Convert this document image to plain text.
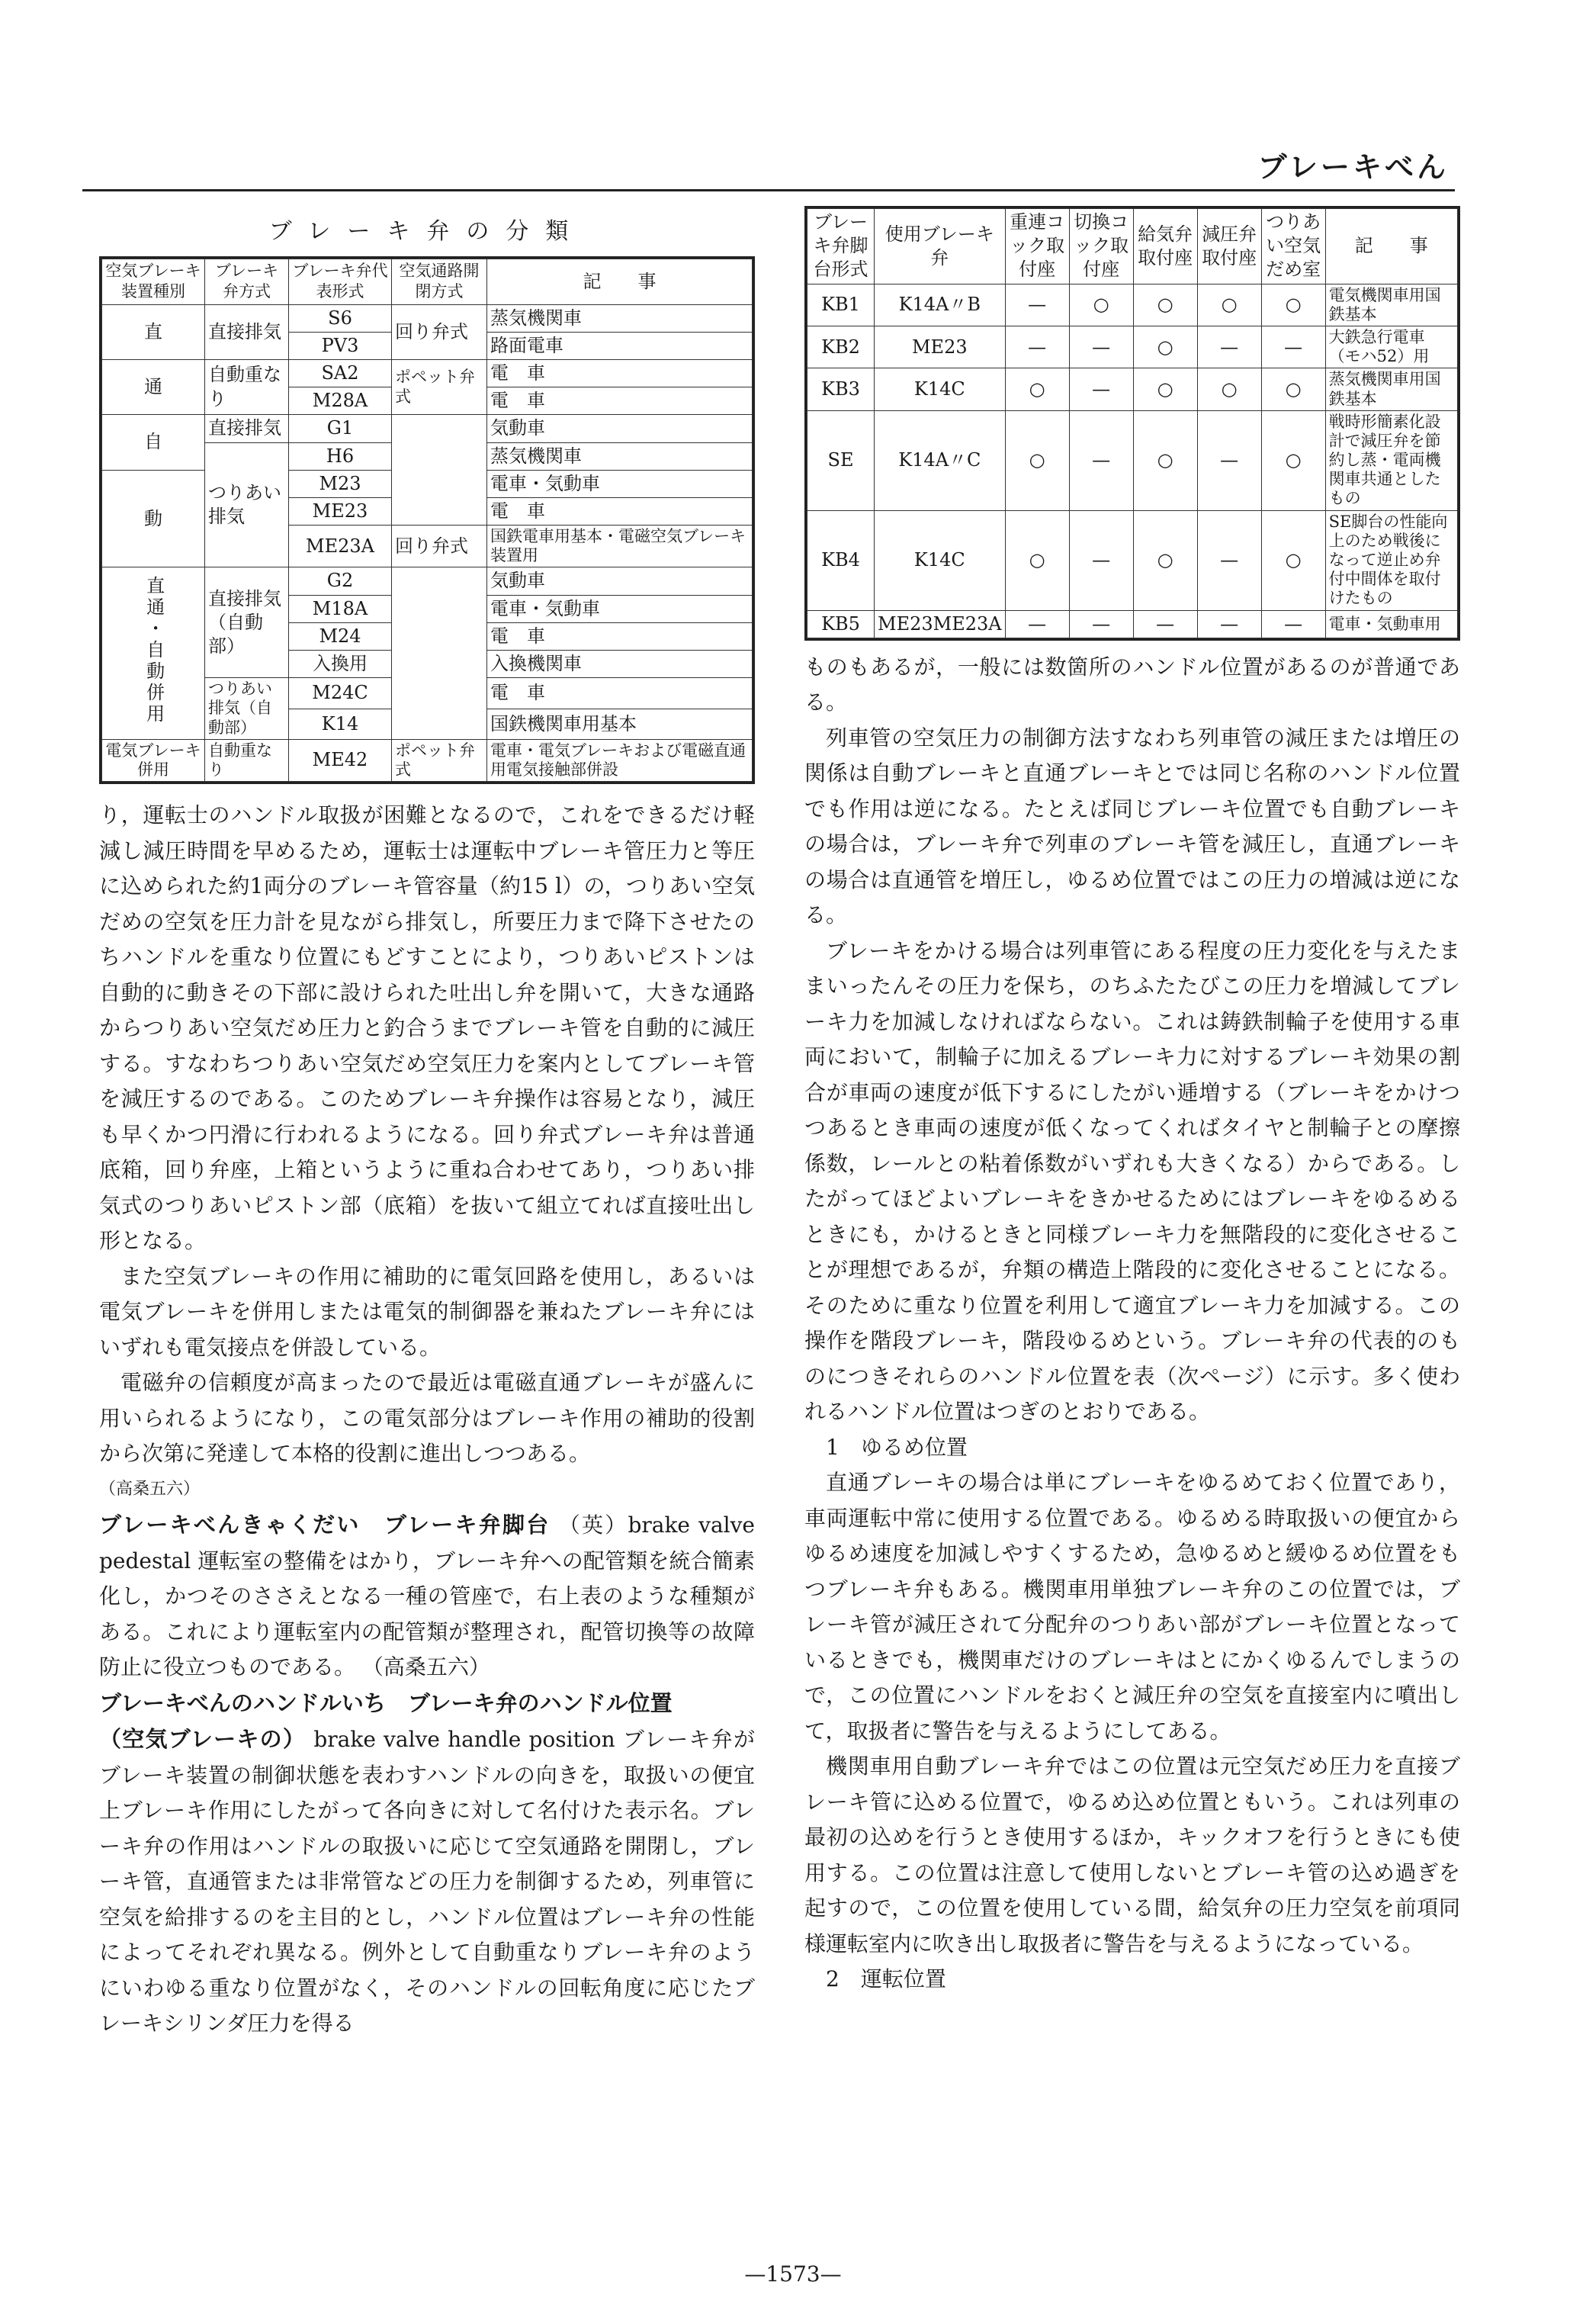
ブレーキべん
ブレーキ弁の分類
空気ブレーキ装置種別	ブレーキ弁方式	ブレーキ弁代表形式	空気通路開閉方式	記　　事
直	直接排気	S6	回り弁式	蒸気機関車
		PV3		路面電車
通	自動重なり	SA2	ポペット弁式	電　車
		M28A		電　車
自	直接排気	G1		気動車
	つりあい排気	H6		蒸気機関車
動		M23		電車・気動車
		ME23		電　車
		ME23A	回り弁式	国鉄電車用基本・電磁空気ブレーキ装置用
直通・自動併用	直接排気（自動部）	G2		気動車
		M18A		電車・気動車
		M24		電　車
		入換用		入換機関車
	つりあい排気（自動部）	M24C		電　車
		K14		国鉄機関車用基本
電気ブレーキ併用	自動重なり	ME42	ポペット弁式	電車・電気ブレーキおよび電磁直通用電気接触部併設

り，運転士のハンドル取扱が困難となるので，これをできるだけ軽減し減圧時間を早めるため，運転士は運転中ブレーキ管圧力と等圧に込められた約1両分のブレーキ管容量（約15 l）の，つりあい空気だめの空気を圧力計を見ながら排気し，所要圧力まで降下させたのちハンドルを重なり位置にもどすことにより，つりあいピストンは自動的に動きその下部に設けられた吐出し弁を開いて，大きな通路からつりあい空気だめ圧力と釣合うまでブレーキ管を自動的に減圧する。すなわちつりあい空気だめ空気圧力を案内としてブレーキ管を減圧するのである。このためブレーキ弁操作は容易となり，減圧も早くかつ円滑に行われるようになる。回り弁式ブレーキ弁は普通底箱，回り弁座，上箱というように重ね合わせてあり，つりあい排気式のつりあいピストン部（底箱）を抜いて組立てれば直接吐出し形となる。

また空気ブレーキの作用に補助的に電気回路を使用し，あるいは電気ブレーキを併用しまたは電気的制御器を兼ねたブレーキ弁にはいずれも電気接点を併設している。

電磁弁の信頼度が高まったので最近は電磁直通ブレーキが盛んに用いられるようになり，この電気部分はブレーキ作用の補助的役割から次第に発達して本格的役割に進出しつつある。

（高桑五六）

ブレーキべんきゃくだい　ブレーキ弁脚台 （英）brake valve pedestal 運転室の整備をはかり，ブレーキ弁への配管類を統合簡素化し，かつそのささえとなる一種の管座で，右上表のような種類がある。これにより運転室内の配管類が整理され，配管切換等の故障防止に役立つものである。 （高桑五六）

ブレーキべんのハンドルいち　ブレーキ弁のハンドル位置
（空気ブレーキの） brake valve handle position ブレーキ弁がブレーキ装置の制御状態を表わすハンドルの向きを，取扱いの便宜上ブレーキ作用にしたがって各向きに対して名付けた表示名。ブレーキ弁の作用はハンドルの取扱いに応じて空気通路を開閉し，ブレーキ管，直通管または非常管などの圧力を制御するため，列車管に空気を給排するのを主目的とし，ハンドル位置はブレーキ弁の性能によってそれぞれ異なる。例外として自動重なりブレーキ弁のようにいわゆる重なり位置がなく，そのハンドルの回転角度に応じたブレーキシリンダ圧力を得る

ブレーキ弁脚台形式	使用ブレーキ弁	重連コック取付座	切換コック取付座	給気弁取付座	減圧弁取付座	つりあい空気だめ室	記　　事
KB1	K14A〃B	—	○	○	○	○	電気機関車用国鉄基本
KB2	ME23	—	—	○	—	—	大鉄急行電車（モハ52）用
KB3	K14C	○	—	○	○	○	蒸気機関車用国鉄基本
SE	K14A〃C	○	—	○	—	○	戦時形簡素化設計で減圧弁を節約し蒸・電両機関車共通としたもの
KB4	K14C	○	—	○	—	○	SE脚台の性能向上のため戦後になって逆止め弁付中間体を取付けたもの
KB5	ME23ME23A	—	—	—	—	—	電車・気動車用

ものもあるが，一般には数箇所のハンドル位置があるのが普通である。

列車管の空気圧力の制御方法すなわち列車管の減圧または増圧の関係は自動ブレーキと直通ブレーキとでは同じ名称のハンドル位置でも作用は逆になる。たとえば同じブレーキ位置でも自動ブレーキの場合は，ブレーキ弁で列車のブレーキ管を減圧し，直通ブレーキの場合は直通管を増圧し，ゆるめ位置ではこの圧力の増減は逆になる。

ブレーキをかける場合は列車管にある程度の圧力変化を与えたままいったんその圧力を保ち，のちふたたびこの圧力を増減してブレーキ力を加減しなければならない。これは鋳鉄制輪子を使用する車両において，制輪子に加えるブレーキ力に対するブレーキ効果の割合が車両の速度が低下するにしたがい逓増する（ブレーキをかけつつあるとき車両の速度が低くなってくればタイヤと制輪子との摩擦係数，レールとの粘着係数がいずれも大きくなる）からである。したがってほどよいブレーキをきかせるためにはブレーキをゆるめるときにも，かけるときと同様ブレーキ力を無階段的に変化させることが理想であるが，弁類の構造上階段的に変化させることになる。そのために重なり位置を利用して適宜ブレーキ力を加減する。この操作を階段ブレーキ，階段ゆるめという。ブレーキ弁の代表的のものにつきそれらのハンドル位置を表（次ページ）に示す。多く使われるハンドル位置はつぎのとおりである。

1　ゆるめ位置

直通ブレーキの場合は単にブレーキをゆるめておく位置であり，車両運転中常に使用する位置である。ゆるめる時取扱いの便宜からゆるめ速度を加減しやすくするため，急ゆるめと緩ゆるめ位置をもつブレーキ弁もある。機関車用単独ブレーキ弁のこの位置では，ブレーキ管が減圧されて分配弁のつりあい部がブレーキ位置となっているときでも，機関車だけのブレーキはとにかくゆるんでしまうので，この位置にハンドルをおくと減圧弁の空気を直接室内に噴出して，取扱者に警告を与えるようにしてある。

機関車用自動ブレーキ弁ではこの位置は元空気だめ圧力を直接ブレーキ管に込める位置で，ゆるめ込め位置ともいう。これは列車の最初の込めを行うとき使用するほか，キックオフを行うときにも使用する。この位置は注意して使用しないとブレーキ管の込め過ぎを起すので，この位置を使用している間，給気弁の圧力空気を前項同様運転室内に吹き出し取扱者に警告を与えるようになっている。

2　運転位置

—1573—
